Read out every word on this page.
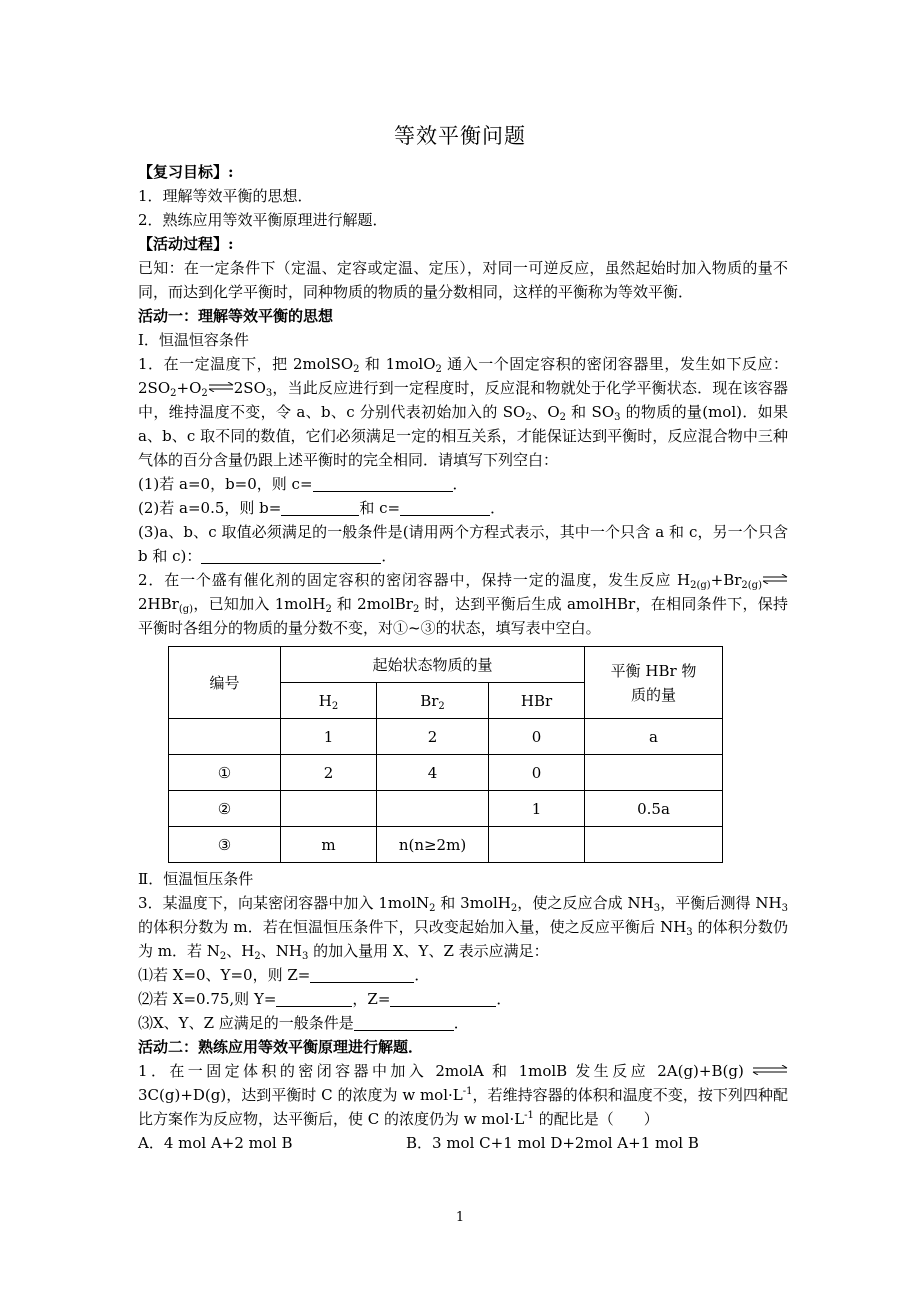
等效平衡问题

【复习目标】:

1．理解等效平衡的思想．

2．熟练应用等效平衡原理进行解题．

【活动过程】:

已知：在一定条件下（定温、定容或定温、定压），对同一可逆反应，虽然起始时加入物质的量不同，而达到化学平衡时，同种物质的物质的量分数相同，这样的平衡称为等效平衡．

活动一：理解等效平衡的思想

Ⅰ．恒温恒容条件

1．在一定温度下，把 2molSO$_2$ 和 1molO$_2$ 通入一个固定容积的密闭容器里，发生如下反应：$2SO_2+O_2$ $\rightleftharpoons 2SO_3$，当此反应进行到一定程度时，反应混和物就处于化学平衡状态．现在该容器中，维持温度不变，令 a、b、c 分别代表初始加入的 $SO_2$、$O_2$ 和 $SO_3$ 的物质的量(mol)．如果 a、b、c 取不同的数值，它们必须满足一定的相互关系，才能保证达到平衡时，反应混合物中三种气体的百分含量仍跟上述平衡时的完全相同．请填写下列空白：

(1)若 a=0，b=0，则 c=	．

(2)若 a=0.5，则 b=	和 c=	．

(3)a、b、c 取值必须满足的一般条件是(请用两个方程式表示，其中一个只含 a 和 c，另一个只含 b 和 c)：	．

2．在一个盛有催化剂的固定容积的密闭容器中，保持一定的温度，发生反应 $H_{2(g)}+Br_{2(g)}2HBr_{(g)}$，已知加入 1molH$_2$ 和 2molBr$_2$ 时，达到平衡后生成 amolHBr，在相同条件下，保持平衡时各组分的物质的量分数不变，对①~③的状态，填写表中空白。

编号	起始状态物质的量			平衡 HBr 物质的量
	$H_2$	$Br_2$	HBr	
	1	2	0	a
①	2	4	0	
②			1	0.5a
③	m	n(n≥2m)		

Ⅱ．恒温恒压条件

3．某温度下，向某密闭容器中加入 1molN$_2$ 和 3molH$_2$，使之反应合成 $NH_3$，平衡后测得 $NH_3$ 的体积分数为 m．若在恒温恒压条件下，只改变起始加入量，使之反应平衡后 $NH_3$ 的体积分数仍为 m．若 $N_2$、$H_2$、$NH_3$ 的加入量用 X、Y、Z 表示应满足：

⑴若 X=0、Y=0，则 Z=	．

⑵若 X=0.75,则 Y=	，Z=	．

⑶X、Y、Z 应满足的一般条件是	．

活动二：熟练应用等效平衡原理进行解题．

1．在一固定体积的密闭容器中加入 2molA 和 1molB 发生反应 2A(g)+B(g) ⇌ 3C(g)+D(g)，达到平衡时 C 的浓度为 w $mol\cdot L^{-1}$，若维持容器的体积和温度不变，按下列四种配比方案作为反应物，达平衡后，使 C 的浓度仍为 w $mol\cdot L^{-1}$ 的配比是（　　）

A．4 mol A+2 mol B	B．3 mol C+1 mol D+2mol A+1 mol B
1
